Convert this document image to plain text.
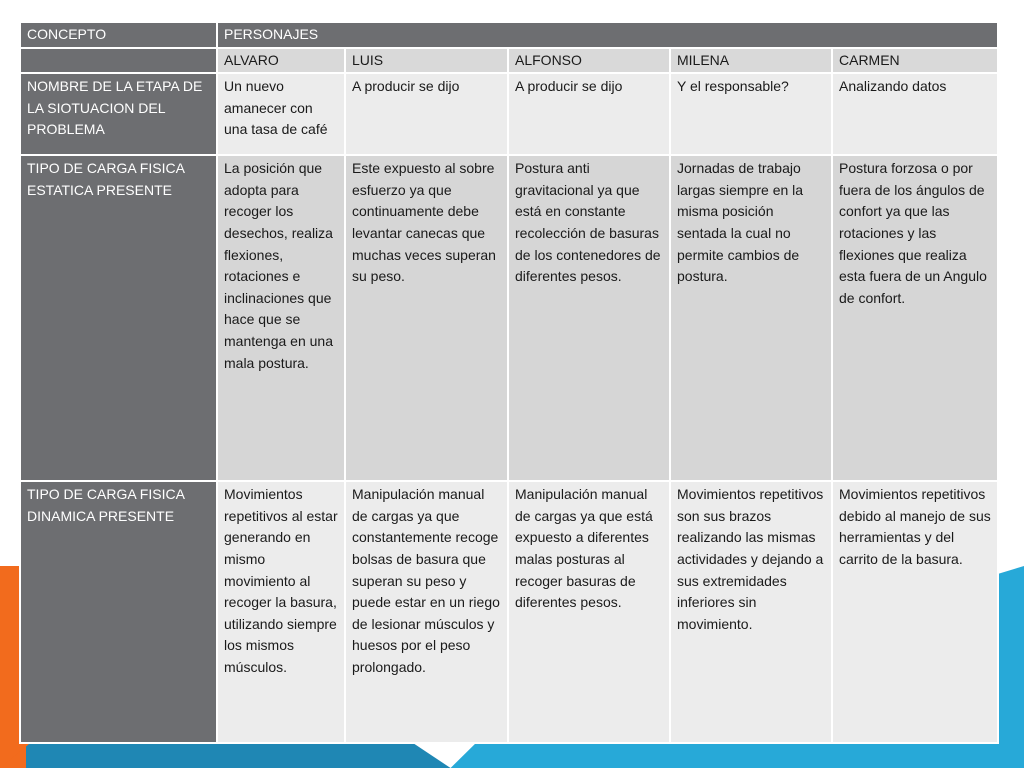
CONCEPTO	PERSONAJES				
	ALVARO	LUIS	ALFONSO	MILENA	CARMEN
NOMBRE DE LA ETAPA DE LA SIOTUACION DEL PROBLEMA	Un nuevo amanecer con una tasa de café	A producir se dijo	A producir se dijo	Y el responsable?	Analizando datos
TIPO DE CARGA FISICA ESTATICA PRESENTE	La posición que adopta para recoger los desechos, realiza flexiones, rotaciones e inclinaciones que hace que se mantenga en una mala postura.	Este expuesto al sobre esfuerzo ya que continuamente debe levantar canecas que muchas veces superan su peso.	Postura anti gravitacional ya que está en constante recolección de basuras de los contenedores de diferentes pesos.	Jornadas de trabajo largas siempre en la misma posición sentada la cual no permite cambios de postura.	Postura forzosa o por fuera de los ángulos de confort ya que las rotaciones y las flexiones que realiza esta fuera de un Angulo de confort.
TIPO DE CARGA FISICA DINAMICA PRESENTE	Movimientos repetitivos al estar generando en mismo movimiento al recoger la basura, utilizando siempre los mismos músculos.	Manipulación manual de cargas ya que constantemente recoge bolsas de basura que superan su peso y puede estar en un riego de lesionar músculos y huesos por el peso prolongado.	Manipulación manual de cargas ya que está expuesto a diferentes malas posturas al recoger basuras de diferentes pesos.	Movimientos repetitivos son sus brazos realizando las mismas actividades y dejando a sus extremidades inferiores sin movimiento.	Movimientos repetitivos debido al manejo de sus herramientas y del carrito de la basura.
